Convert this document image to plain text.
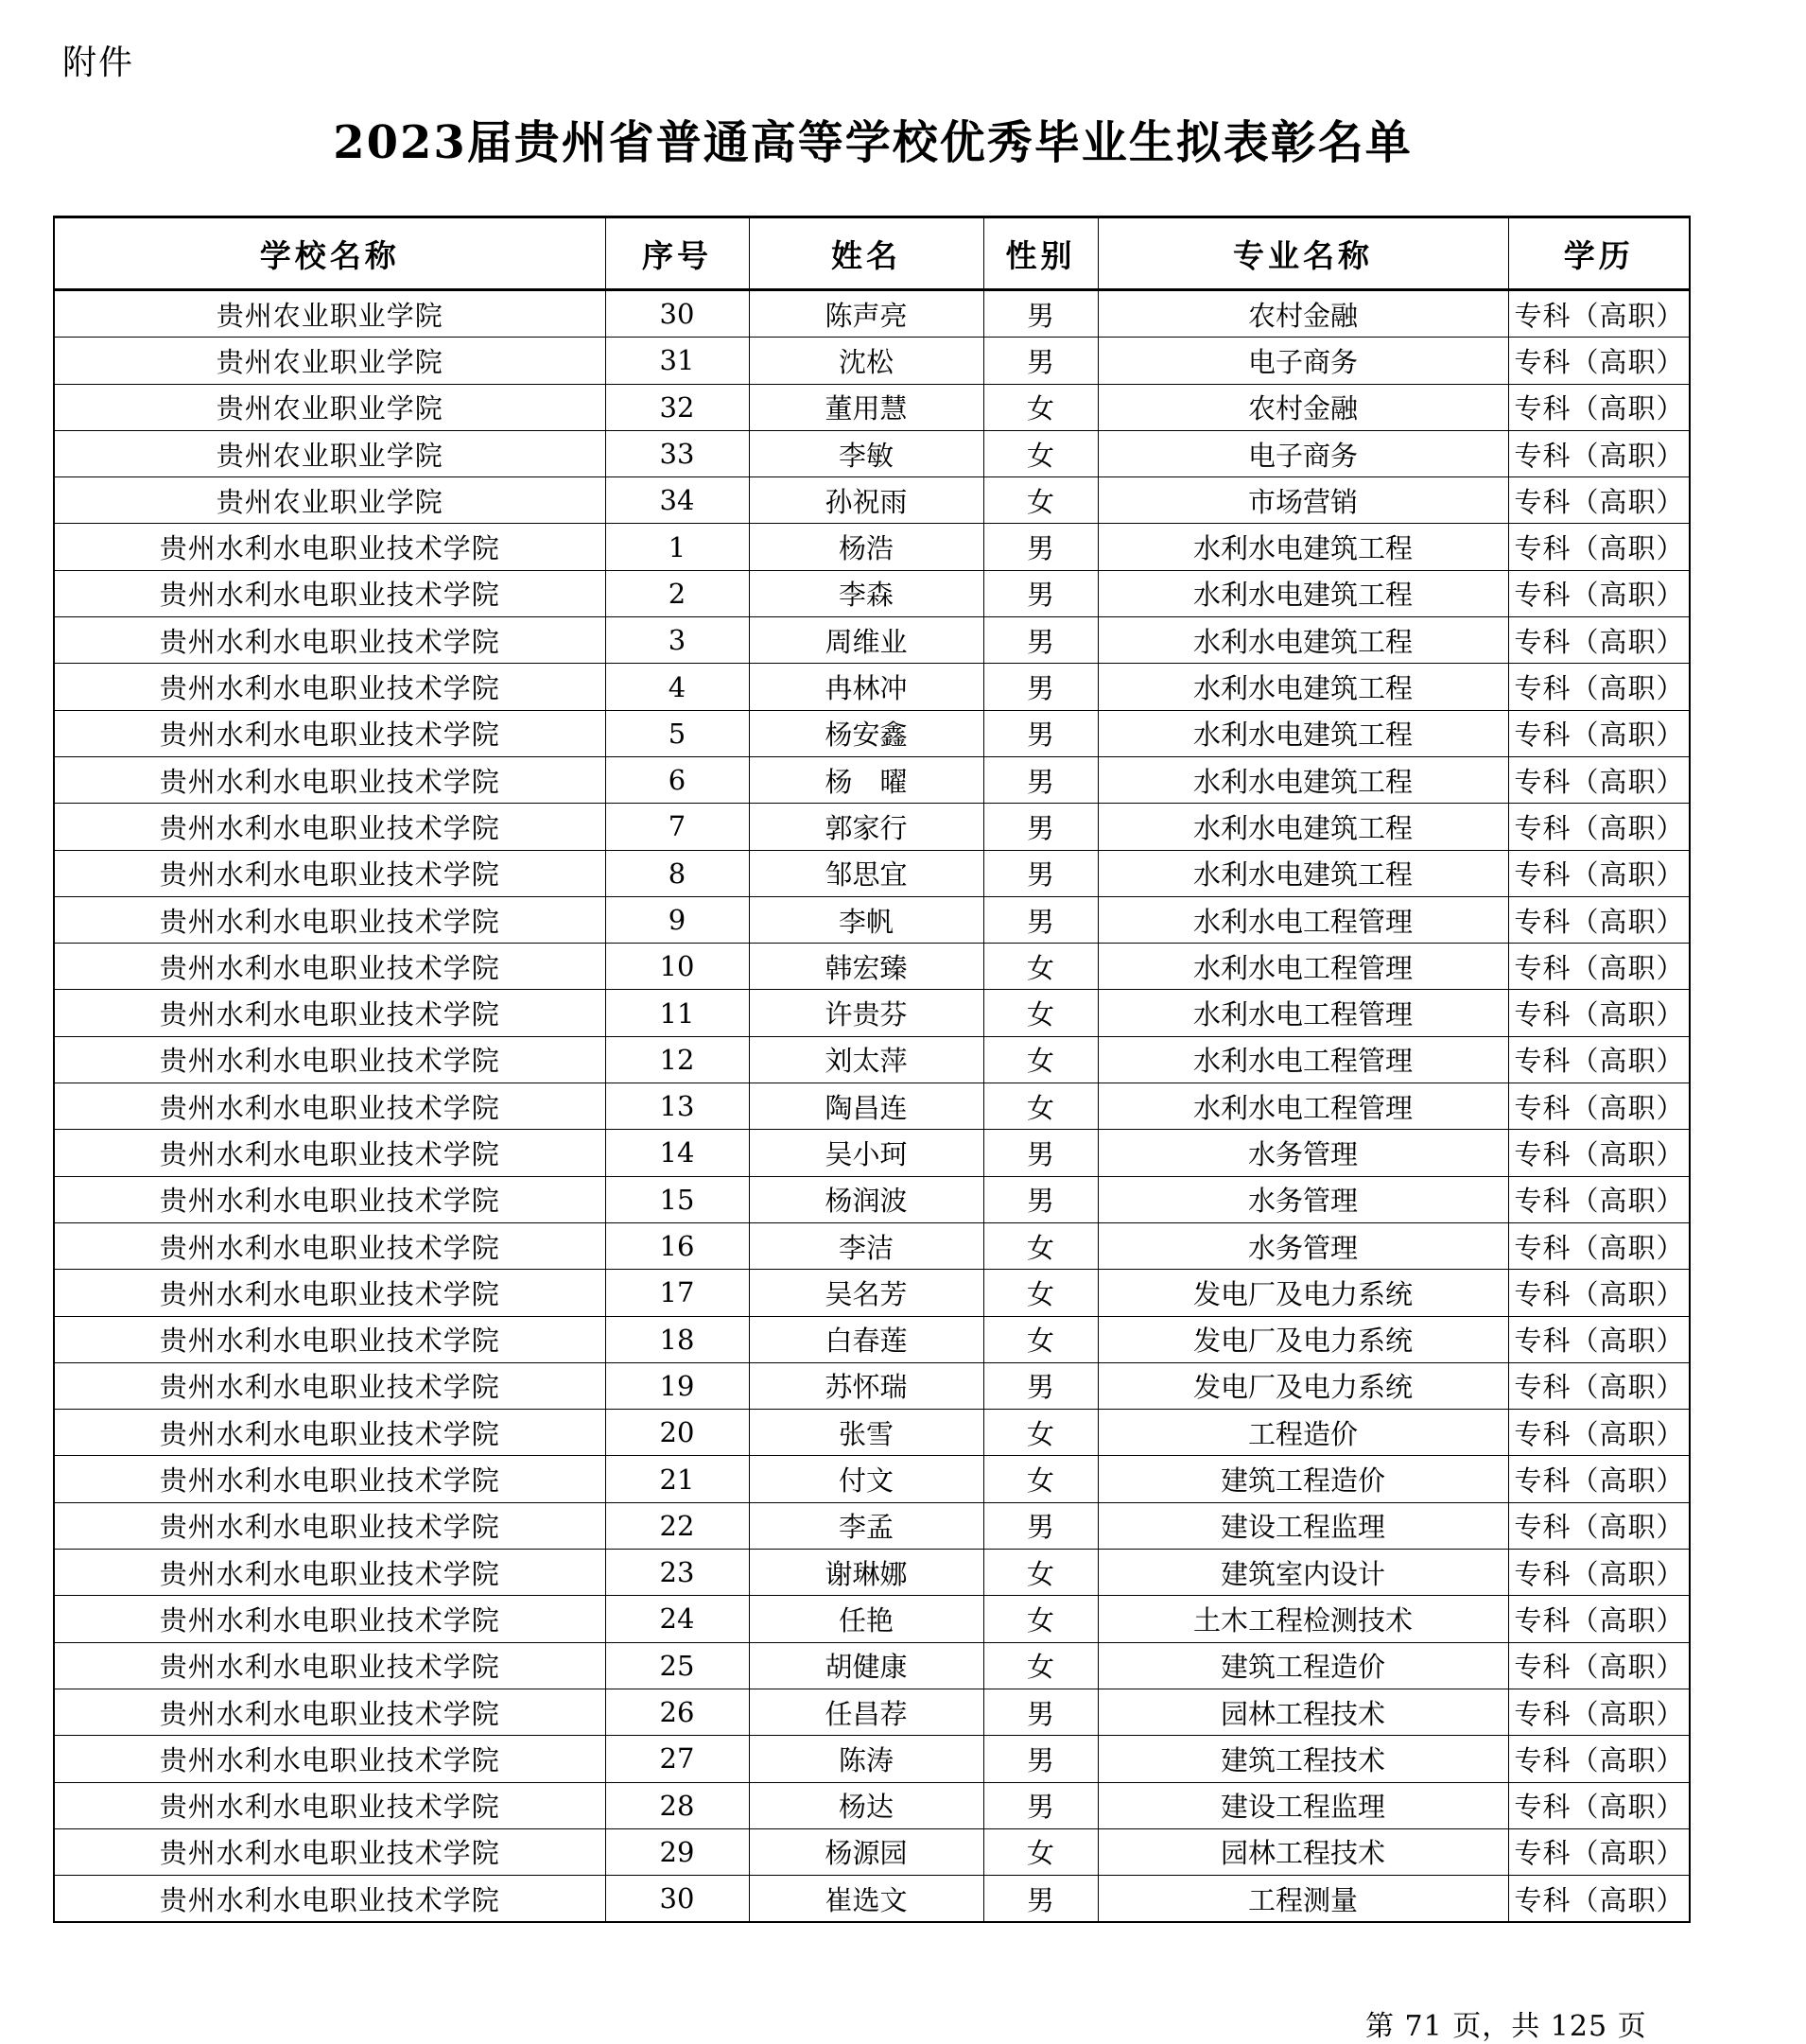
附件
2023届贵州省普通高等学校优秀毕业生拟表彰名单
学校名称	序号	姓名	性别	专业名称	学历
贵州农业职业学院	30	陈声亮	男	农村金融	专科（高职）
贵州农业职业学院	31	沈松	男	电子商务	专科（高职）
贵州农业职业学院	32	董用慧	女	农村金融	专科（高职）
贵州农业职业学院	33	李敏	女	电子商务	专科（高职）
贵州农业职业学院	34	孙祝雨	女	市场营销	专科（高职）
贵州水利水电职业技术学院	1	杨浩	男	水利水电建筑工程	专科（高职）
贵州水利水电职业技术学院	2	李森	男	水利水电建筑工程	专科（高职）
贵州水利水电职业技术学院	3	周维业	男	水利水电建筑工程	专科（高职）
贵州水利水电职业技术学院	4	冉林冲	男	水利水电建筑工程	专科（高职）
贵州水利水电职业技术学院	5	杨安鑫	男	水利水电建筑工程	专科（高职）
贵州水利水电职业技术学院	6	杨　曜	男	水利水电建筑工程	专科（高职）
贵州水利水电职业技术学院	7	郭家行	男	水利水电建筑工程	专科（高职）
贵州水利水电职业技术学院	8	邹思宜	男	水利水电建筑工程	专科（高职）
贵州水利水电职业技术学院	9	李帆	男	水利水电工程管理	专科（高职）
贵州水利水电职业技术学院	10	韩宏臻	女	水利水电工程管理	专科（高职）
贵州水利水电职业技术学院	11	许贵芬	女	水利水电工程管理	专科（高职）
贵州水利水电职业技术学院	12	刘太萍	女	水利水电工程管理	专科（高职）
贵州水利水电职业技术学院	13	陶昌连	女	水利水电工程管理	专科（高职）
贵州水利水电职业技术学院	14	吴小珂	男	水务管理	专科（高职）
贵州水利水电职业技术学院	15	杨润波	男	水务管理	专科（高职）
贵州水利水电职业技术学院	16	李洁	女	水务管理	专科（高职）
贵州水利水电职业技术学院	17	吴名芳	女	发电厂及电力系统	专科（高职）
贵州水利水电职业技术学院	18	白春莲	女	发电厂及电力系统	专科（高职）
贵州水利水电职业技术学院	19	苏怀瑞	男	发电厂及电力系统	专科（高职）
贵州水利水电职业技术学院	20	张雪	女	工程造价	专科（高职）
贵州水利水电职业技术学院	21	付文	女	建筑工程造价	专科（高职）
贵州水利水电职业技术学院	22	李孟	男	建设工程监理	专科（高职）
贵州水利水电职业技术学院	23	谢琳娜	女	建筑室内设计	专科（高职）
贵州水利水电职业技术学院	24	任艳	女	土木工程检测技术	专科（高职）
贵州水利水电职业技术学院	25	胡健康	女	建筑工程造价	专科（高职）
贵州水利水电职业技术学院	26	任昌荐	男	园林工程技术	专科（高职）
贵州水利水电职业技术学院	27	陈涛	男	建筑工程技术	专科（高职）
贵州水利水电职业技术学院	28	杨达	男	建设工程监理	专科（高职）
贵州水利水电职业技术学院	29	杨源园	女	园林工程技术	专科（高职）
贵州水利水电职业技术学院	30	崔选文	男	工程测量	专科（高职）
第 71 页，共 125 页
